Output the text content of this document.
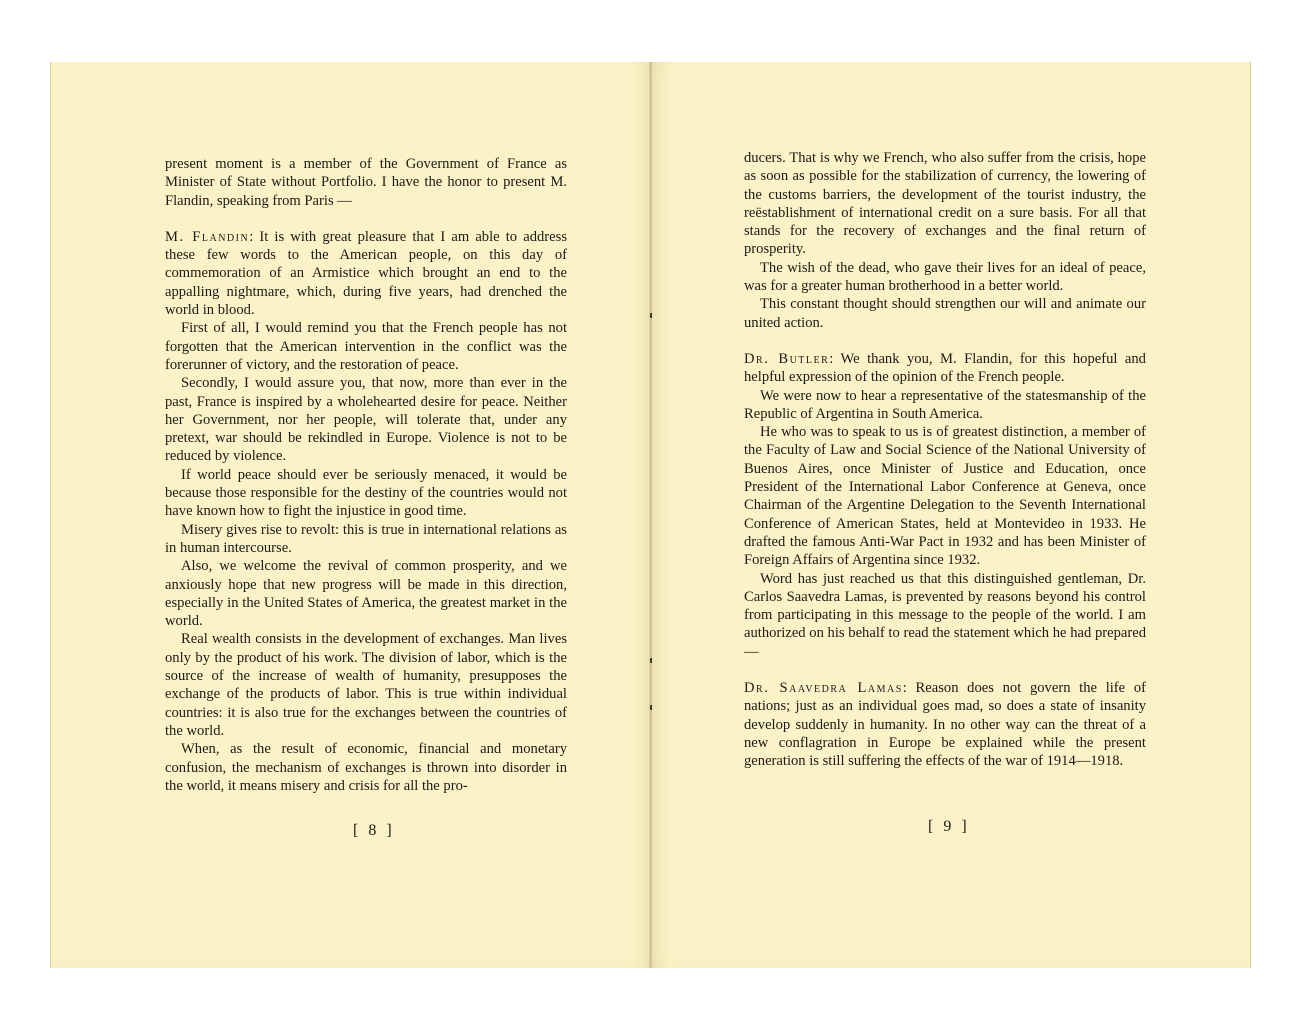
present moment is a member of the Government of France as Minister of State without Portfolio. I have the honor to present M. Flandin, speaking from Paris —

M. Flandin: It is with great pleasure that I am able to address these few words to the American people, on this day of commemoration of an Armistice which brought an end to the appalling nightmare, which, during five years, had drenched the world in blood.

First of all, I would remind you that the French people has not forgotten that the American intervention in the conflict was the forerunner of victory, and the restoration of peace.

Secondly, I would assure you, that now, more than ever in the past, France is inspired by a wholehearted desire for peace. Neither her Government, nor her people, will tolerate that, under any pretext, war should be rekindled in Europe. Violence is not to be reduced by violence.

If world peace should ever be seriously menaced, it would be because those responsible for the destiny of the countries would not have known how to fight the injustice in good time.

Misery gives rise to revolt: this is true in international relations as in human intercourse.

Also, we welcome the revival of common prosperity, and we anxiously hope that new progress will be made in this direction, especially in the United States of America, the greatest market in the world.

Real wealth consists in the development of exchanges. Man lives only by the product of his work. The division of labor, which is the source of the increase of wealth of humanity, presupposes the exchange of the products of labor. This is true within individual countries: it is also true for the exchanges between the countries of the world.

When, as the result of economic, financial and monetary confusion, the mechanism of exchanges is thrown into disorder in the world, it means misery and crisis for all the pro-

[ 8 ]

ducers. That is why we French, who also suffer from the crisis, hope as soon as possible for the stabilization of currency, the lowering of the customs barriers, the development of the tourist industry, the reëstablishment of international credit on a sure basis. For all that stands for the recovery of exchanges and the final return of prosperity.

The wish of the dead, who gave their lives for an ideal of peace, was for a greater human brotherhood in a better world.

This constant thought should strengthen our will and animate our united action.

Dr. Butler: We thank you, M. Flandin, for this hopeful and helpful expression of the opinion of the French people.

We were now to hear a representative of the statesmanship of the Republic of Argentina in South America.

He who was to speak to us is of greatest distinction, a member of the Faculty of Law and Social Science of the National University of Buenos Aires, once Minister of Justice and Education, once President of the International Labor Conference at Geneva, once Chairman of the Argentine Delegation to the Seventh International Conference of American States, held at Montevideo in 1933. He drafted the famous Anti-War Pact in 1932 and has been Minister of Foreign Affairs of Argentina since 1932.

Word has just reached us that this distinguished gentleman, Dr. Carlos Saavedra Lamas, is prevented by reasons beyond his control from participating in this message to the people of the world. I am authorized on his behalf to read the statement which he had prepared —

Dr. Saavedra Lamas: Reason does not govern the life of nations; just as an individual goes mad, so does a state of insanity develop suddenly in humanity. In no other way can the threat of a new conflagration in Europe be explained while the present generation is still suffering the effects of the war of 1914—1918.

[ 9 ]
